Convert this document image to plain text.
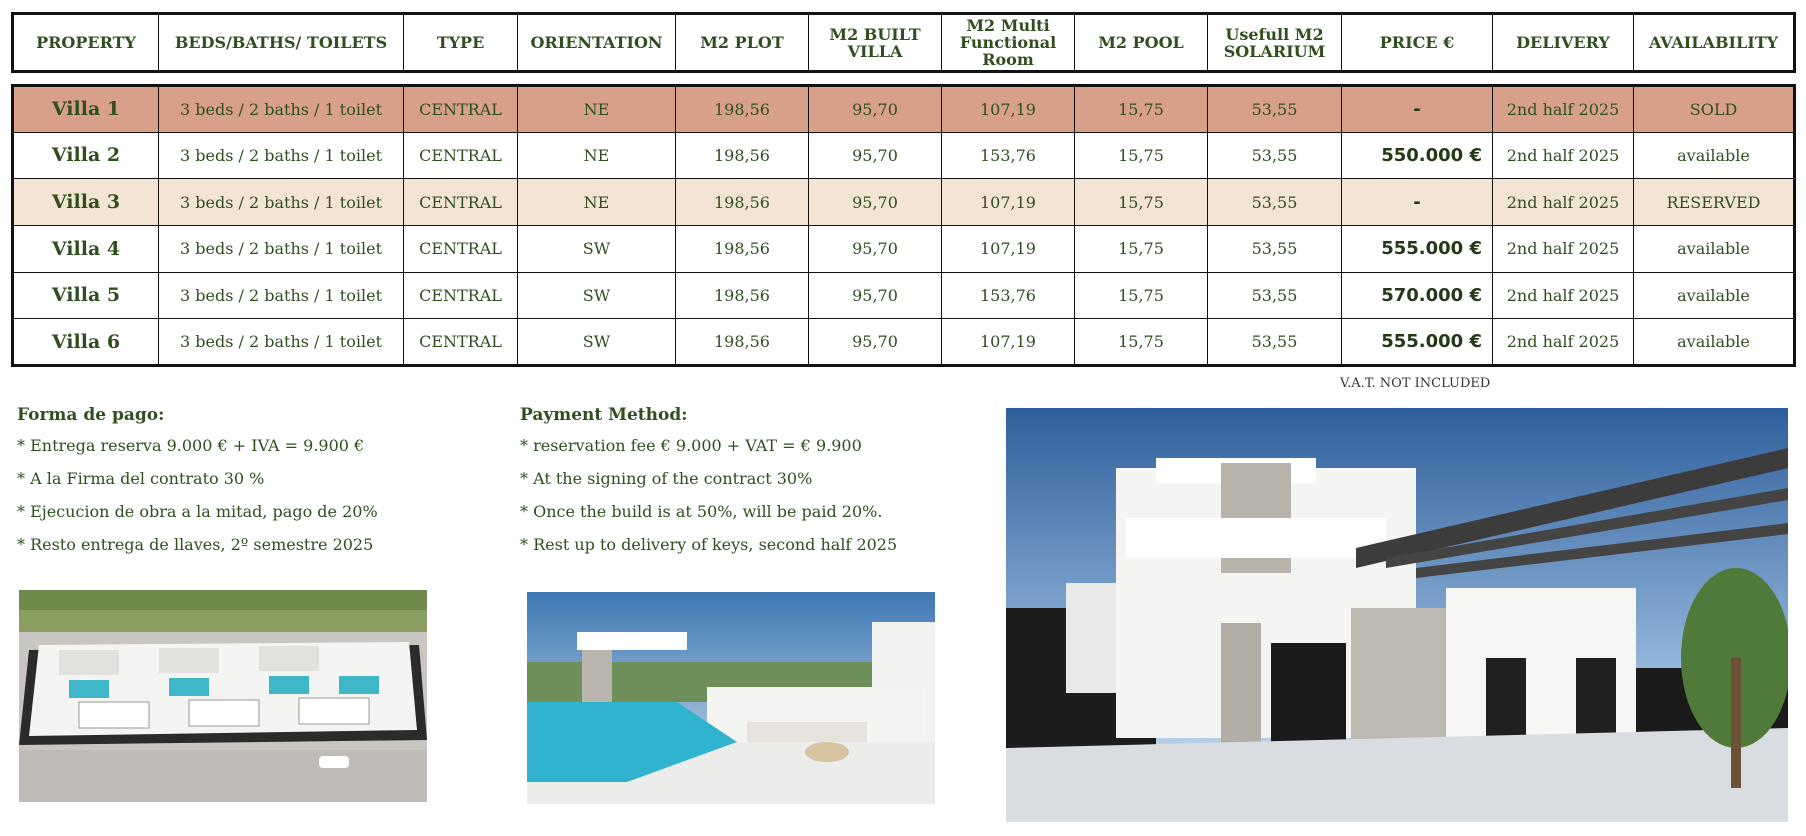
PROPERTY	BEDS/BATHS/ TOILETS	TYPE	ORIENTATION	M2 PLOT	M2 BUILT VILLA	M2 Multi Functional Room	M2 POOL	Usefull M2 SOLARIUM	PRICE €	DELIVERY	AVAILABILITY
Villa 1	3 beds / 2 baths / 1 toilet	CENTRAL	NE	198,56	95,70	107,19	15,75	53,55	-	2nd half 2025	SOLD
Villa 2	3 beds / 2 baths / 1 toilet	CENTRAL	NE	198,56	95,70	153,76	15,75	53,55	550.000 €	2nd half 2025	available
Villa 3	3 beds / 2 baths / 1 toilet	CENTRAL	NE	198,56	95,70	107,19	15,75	53,55	-	2nd half 2025	RESERVED
Villa 4	3 beds / 2 baths / 1 toilet	CENTRAL	SW	198,56	95,70	107,19	15,75	53,55	555.000 €	2nd half 2025	available
Villa 5	3 beds / 2 baths / 1 toilet	CENTRAL	SW	198,56	95,70	153,76	15,75	53,55	570.000 €	2nd half 2025	available
Villa 6	3 beds / 2 baths / 1 toilet	CENTRAL	SW	198,56	95,70	107,19	15,75	53,55	555.000 €	2nd half 2025	available
V.A.T. NOT INCLUDED
Forma de pago:
* Entrega reserva 9.000 € + IVA = 9.900 €
* A la Firma del contrato 30 %
* Ejecucion de obra a la mitad, pago de 20%
* Resto entrega de llaves, 2º semestre 2025
Payment Method:
* reservation fee € 9.000 + VAT = € 9.900
* At the signing of the contract 30%
* Once the build is at 50%, will be paid 20%.
* Rest up to delivery of keys, second half 2025
